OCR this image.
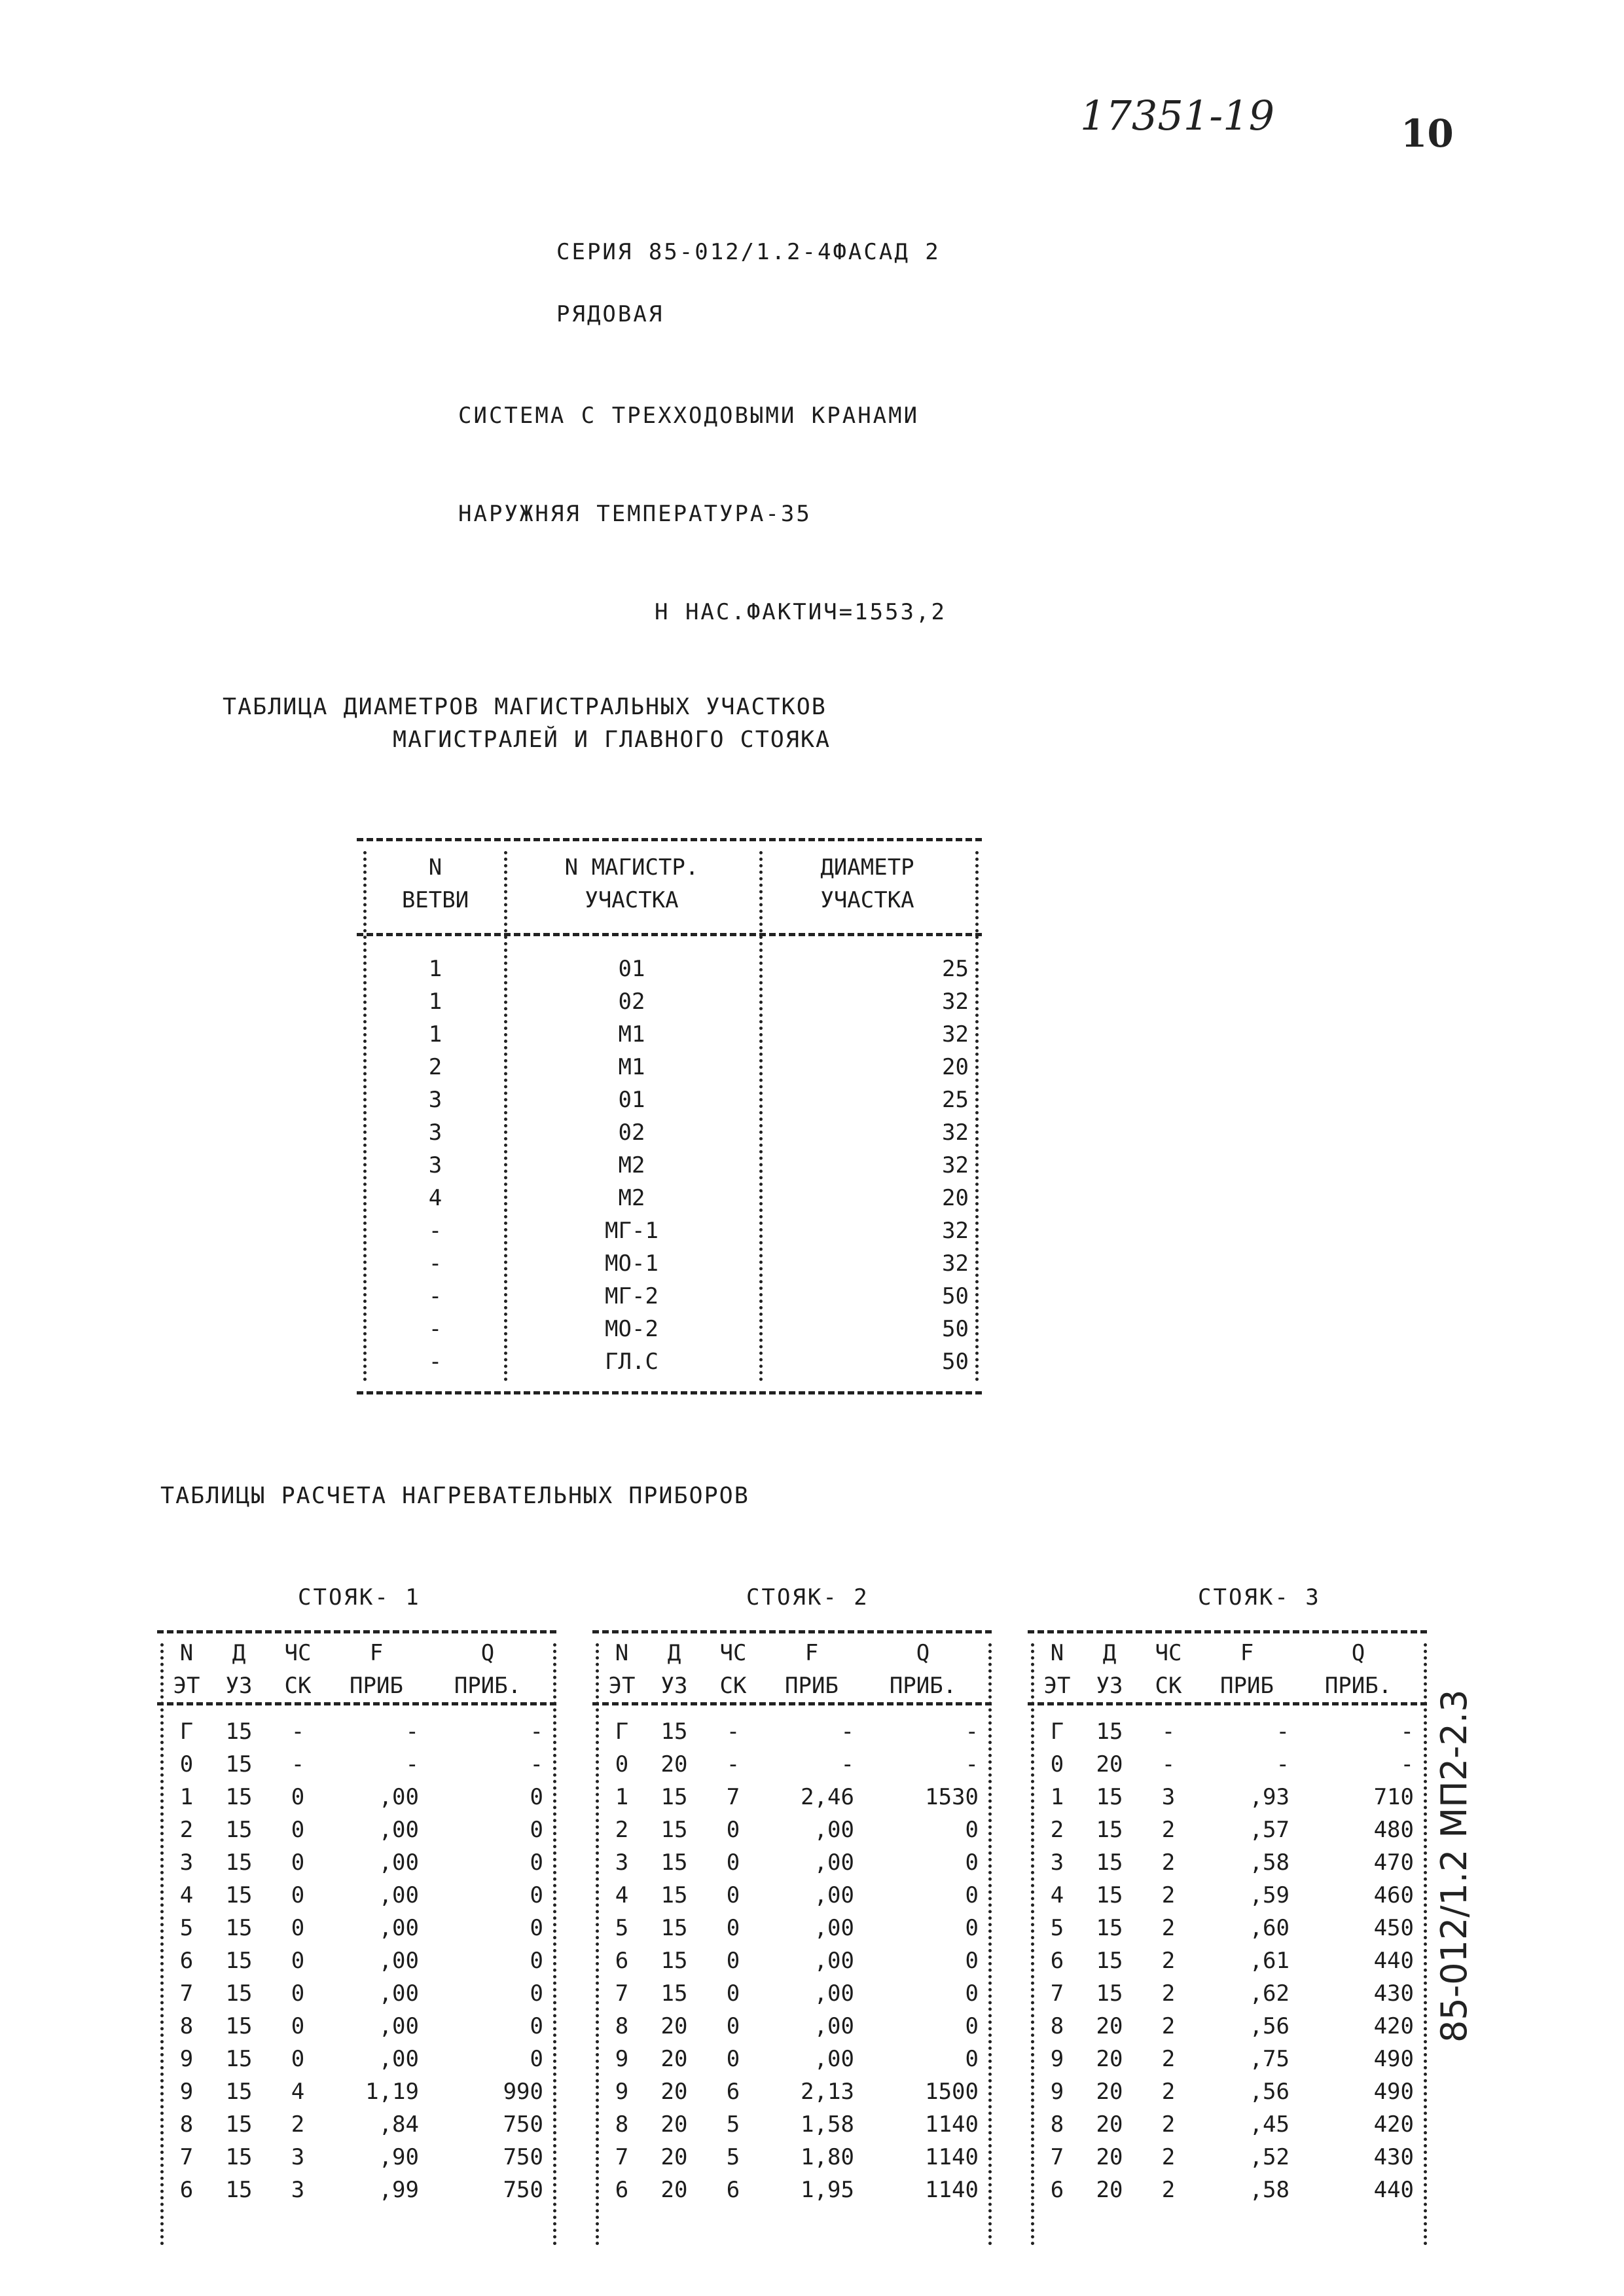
17351-19	10
СЕРИЯ 85-012/1.2-4ФАСАД 2
РЯДОВАЯ
СИСТЕМА С ТРЕХХОДОВЫМИ КРАНАМИ
НАРУЖНЯЯ ТЕМПЕРАТУРА-35
Н НАС.ФАКТИЧ=1553,2
ТАБЛИЦА ДИАМЕТРОВ МАГИСТРАЛЬНЫХ УЧАСТКОВ
МАГИСТРАЛЕЙ И ГЛАВНОГО СТОЯКА
N	N МАГИСТР.	ДИАМЕТР
ВЕТВИ	УЧАСТКА	УЧАСТКА
1	01	25
1	02	32
1	М1	32
2	М1	20
3	01	25
3	02	32
3	М2	32
4	М2	20
-	МГ-1	32
-	МО-1	32
-	МГ-2	50
-	МО-2	50
-	ГЛ.С	50
ТАБЛИЦЫ РАСЧЕТА НАГРЕВАТЕЛЬНЫХ ПРИБОРОВ
СТОЯК- 1	СТОЯК- 2	СТОЯК- 3
N	Д	ЧС	F	Q
ЭТ	УЗ	СК	ПРИБ	ПРИБ.
Г	15	-	-	-
0	15	-	-	-
1	15	0	,00	0
2	15	0	,00	0
3	15	0	,00	0
4	15	0	,00	0
5	15	0	,00	0
6	15	0	,00	0
7	15	0	,00	0
8	15	0	,00	0
9	15	0	,00	0
9	15	4	1,19	990
8	15	2	,84	750
7	15	3	,90	750
6	15	3	,99	750
N	Д	ЧС	F	Q
ЭТ	УЗ	СК	ПРИБ	ПРИБ.
Г	15	-	-	-
0	20	-	-	-
1	15	7	2,46	1530
2	15	0	,00	0
3	15	0	,00	0
4	15	0	,00	0
5	15	0	,00	0
6	15	0	,00	0
7	15	0	,00	0
8	20	0	,00	0
9	20	0	,00	0
9	20	6	2,13	1500
8	20	5	1,58	1140
7	20	5	1,80	1140
6	20	6	1,95	1140
N	Д	ЧС	F	Q
ЭТ	УЗ	СК	ПРИБ	ПРИБ.
Г	15	-	-	-
0	20	-	-	-
1	15	3	,93	710
2	15	2	,57	480
3	15	2	,58	470
4	15	2	,59	460
5	15	2	,60	450
6	15	2	,61	440
7	15	2	,62	430
8	20	2	,56	420
9	20	2	,75	490
9	20	2	,56	490
8	20	2	,45	420
7	20	2	,52	430
6	20	2	,58	440
85-012/1.2 МП2-2.3
